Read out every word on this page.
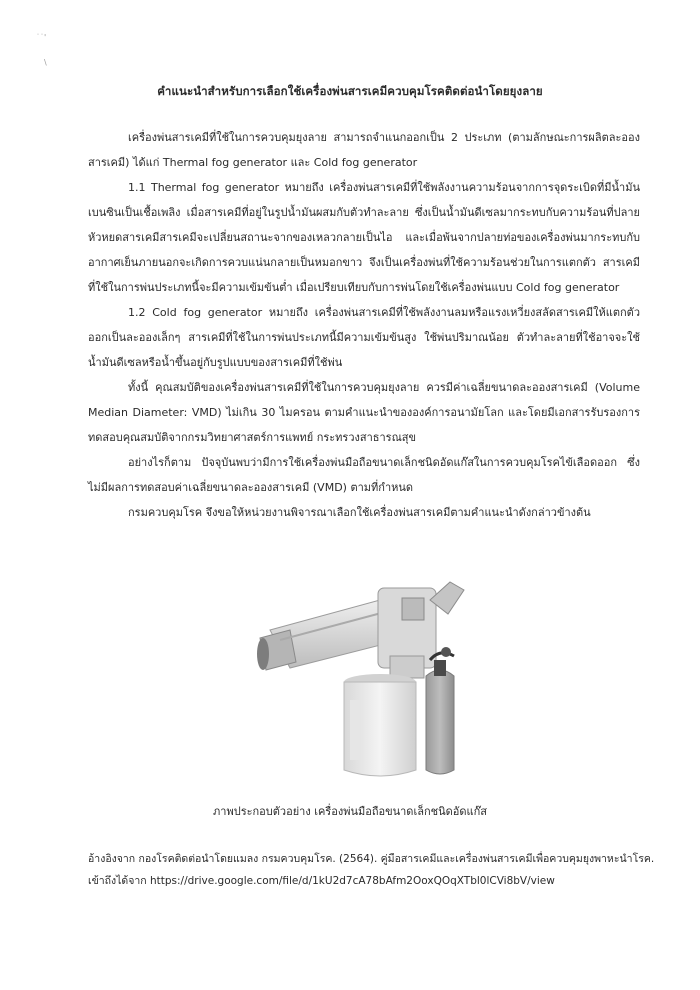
˙˙'
\
คำแนะนำสำหรับการเลือกใช้เครื่องพ่นสารเคมีควบคุมโรคติดต่อนำโดยยุงลาย

เครื่องพ่นสารเคมีที่ใช้ในการควบคุมยุงลาย สามารถจำแนกออกเป็น 2 ประเภท (ตามลักษณะการผลิตละอองสารเคมี) ได้แก่ Thermal fog generator และ Cold fog generator

1.1 Thermal fog generator หมายถึง เครื่องพ่นสารเคมีที่ใช้พลังงานความร้อนจากการจุดระเบิดที่มีน้ำมันเบนซินเป็นเชื้อเพลิง เมื่อสารเคมีที่อยู่ในรูปน้ำมันผสมกับตัวทำละลาย ซึ่งเป็นน้ำมันดีเซลมากระทบกับความร้อนที่ปลายหัวหยดสารเคมีสารเคมีจะเปลี่ยนสถานะจากของเหลวกลายเป็นไอ และเมื่อพ้นจากปลายท่อของเครื่องพ่นมากระทบกับอากาศเย็นภายนอกจะเกิดการควบแน่นกลายเป็นหมอกขาว จึงเป็นเครื่องพ่นที่ใช้ความร้อนช่วยในการแตกตัว สารเคมีที่ใช้ในการพ่นประเภทนี้จะมีความเข้มข้นต่ำ เมื่อเปรียบเทียบกับการพ่นโดยใช้เครื่องพ่นแบบ Cold fog generator

1.2 Cold fog generator หมายถึง เครื่องพ่นสารเคมีที่ใช้พลังงานลมหรือแรงเหวี่ยงสลัดสารเคมีให้แตกตัวออกเป็นละอองเล็กๆ สารเคมีที่ใช้ในการพ่นประเภทนี้มีความเข้มข้นสูง ใช้พ่นปริมาณน้อย ตัวทำละลายที่ใช้อาจจะใช้น้ำมันดีเซลหรือน้ำขึ้นอยู่กับรูปแบบของสารเคมีที่ใช้พ่น

ทั้งนี้ คุณสมบัติของเครื่องพ่นสารเคมีที่ใช้ในการควบคุมยุงลาย ควรมีค่าเฉลี่ยขนาดละอองสารเคมี (Volume Median Diameter: VMD) ไม่เกิน 30 ไมครอน ตามคำแนะนำขององค์การอนามัยโลก และโดยมีเอกสารรับรองการทดสอบคุณสมบัติจากกรมวิทยาศาสตร์การแพทย์ กระทรวงสาธารณสุข

อย่างไรก็ตาม ปัจจุบันพบว่ามีการใช้เครื่องพ่นมือถือขนาดเล็กชนิดอัดแก๊สในการควบคุมโรคไข้เลือดออก ซึ่งไม่มีผลการทดสอบค่าเฉลี่ยขนาดละอองสารเคมี (VMD) ตามที่กำหนด

กรมควบคุมโรค จึงขอให้หน่วยงานพิจารณาเลือกใช้เครื่องพ่นสารเคมีตามคำแนะนำดังกล่าวข้างต้น

ภาพประกอบตัวอย่าง เครื่องพ่นมือถือขนาดเล็กชนิดอัดแก๊ส

อ้างอิงจาก กองโรคติดต่อนำโดยแมลง กรมควบคุมโรค. (2564). คู่มือสารเคมีและเครื่องพ่นสารเคมีเพื่อควบคุมยุงพาหะนำโรค.

เข้าถึงได้จาก https://drive.google.com/file/d/1kU2d7cA78bAfm2OoxQOqXTbl0lCVi8bV/view
